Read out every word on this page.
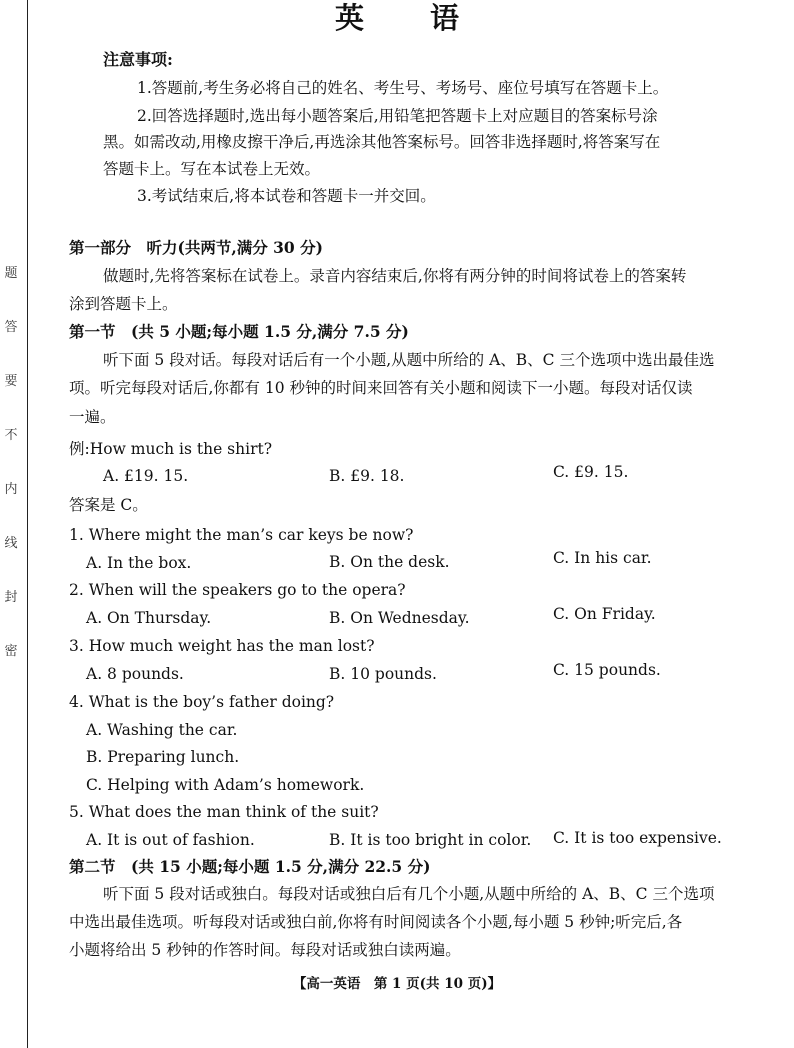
题
答
要
不
内
线
封
密
英 语
注意事项:
1.答题前,考生务必将自己的姓名、考生号、考场号、座位号填写在答题卡上。
2.回答选择题时,选出每小题答案后,用铅笔把答题卡上对应题目的答案标号涂
黑。如需改动,用橡皮擦干净后,再选涂其他答案标号。回答非选择题时,将答案写在
答题卡上。写在本试卷上无效。
3.考试结束后,将本试卷和答题卡一并交回。
第一部分　听力(共两节,满分 30 分)
做题时,先将答案标在试卷上。录音内容结束后,你将有两分钟的时间将试卷上的答案转
涂到答题卡上。
第一节　(共 5 小题;每小题 1.5 分,满分 7.5 分)
听下面 5 段对话。每段对话后有一个小题,从题中所给的 A、B、C 三个选项中选出最佳选
项。听完每段对话后,你都有 10 秒钟的时间来回答有关小题和阅读下一小题。每段对话仅读
一遍。
例:How much is the shirt?
A. £19. 15.	B. £9. 18.	C. £9. 15.
答案是 C。
1. Where might the man’s car keys be now?
A. In the box.	B. On the desk.	C. In his car.
2. When will the speakers go to the opera?
A. On Thursday.	B. On Wednesday.	C. On Friday.
3. How much weight has the man lost?
A. 8 pounds.	B. 10 pounds.	C. 15 pounds.
4. What is the boy’s father doing?
A. Washing the car.
B. Preparing lunch.
C. Helping with Adam’s homework.
5. What does the man think of the suit?
A. It is out of fashion.	B. It is too bright in color. C. It is too expensive.
第二节　(共 15 小题;每小题 1.5 分,满分 22.5 分)
听下面 5 段对话或独白。每段对话或独白后有几个小题,从题中所给的 A、B、C 三个选项
中选出最佳选项。听每段对话或独白前,你将有时间阅读各个小题,每小题 5 秒钟;听完后,各
小题将给出 5 秒钟的作答时间。每段对话或独白读两遍。
【高一英语　第 1 页(共 10 页)】
